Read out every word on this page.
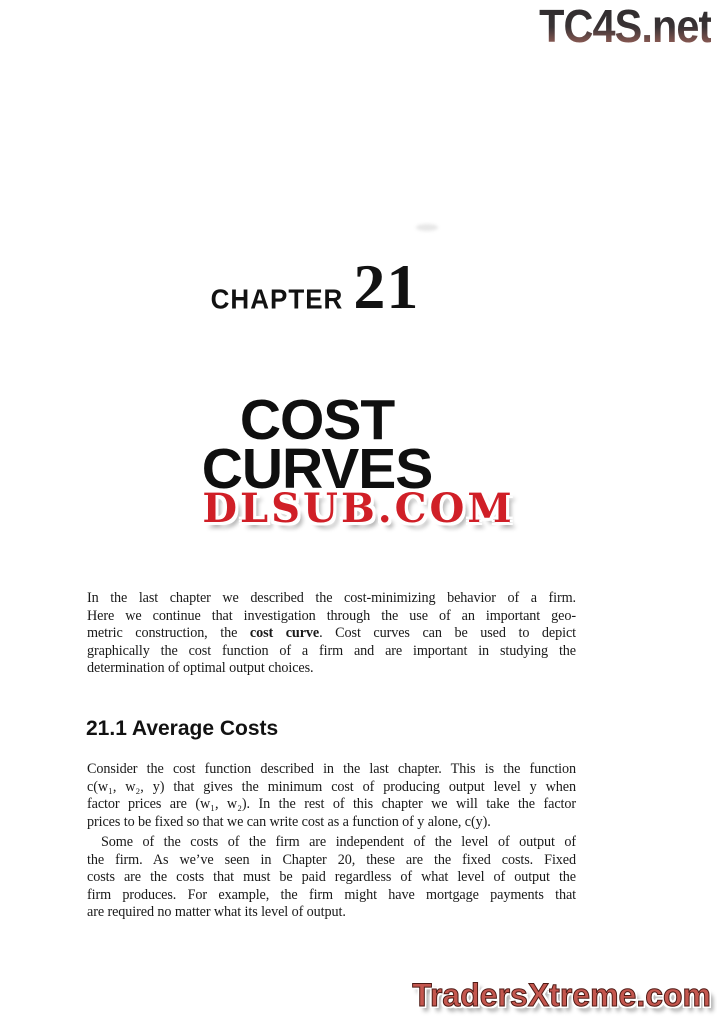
TC4S.net
CHAPTER 21
COST
CURVES
DLSUB.COM
In the last chapter we described the cost-minimizing behavior of a firm.
Here we continue that investigation through the use of an important geo-
metric construction, the cost curve. Cost curves can be used to depict
graphically the cost function of a firm and are important in studying the
determination of optimal output choices.
21.1 Average Costs
Consider the cost function described in the last chapter. This is the function
c(w₁, w₂, y) that gives the minimum cost of producing output level y when
factor prices are (w₁, w₂). In the rest of this chapter we will take the factor
prices to be fixed so that we can write cost as a function of y alone, c(y).
Some of the costs of the firm are independent of the level of output of
the firm. As we’ve seen in Chapter 20, these are the fixed costs. Fixed
costs are the costs that must be paid regardless of what level of output the
firm produces. For example, the firm might have mortgage payments that
are required no matter what its level of output.
TradersXtreme.com
